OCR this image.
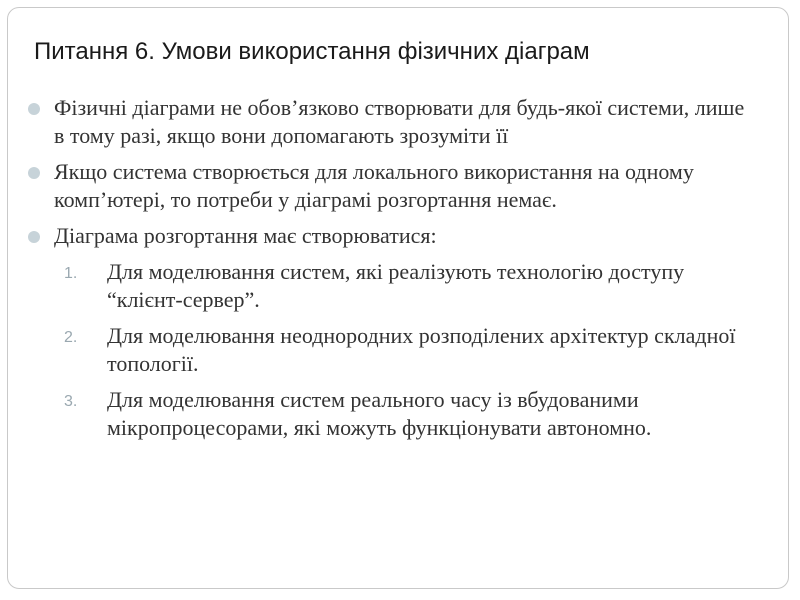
Питання 6. Умови використання фізичних діаграм
Фізичні діаграми не обов’язково створювати для будь-якої системи, лише в тому разі, якщо вони допомагають зрозуміти її
Якщо система створюється для локального використання на одному комп’ютері, то потреби у діаграмі розгортання немає.
Діаграма розгортання має створюватися:
1. Для моделювання систем, які реалізують технологію доступу “клієнт-сервер”.
2. Для моделювання неоднородних розподілених архітектур складної топології.
3. Для моделювання систем реального часу із вбудованими мікропроцесорами, які можуть функціонувати автономно.
